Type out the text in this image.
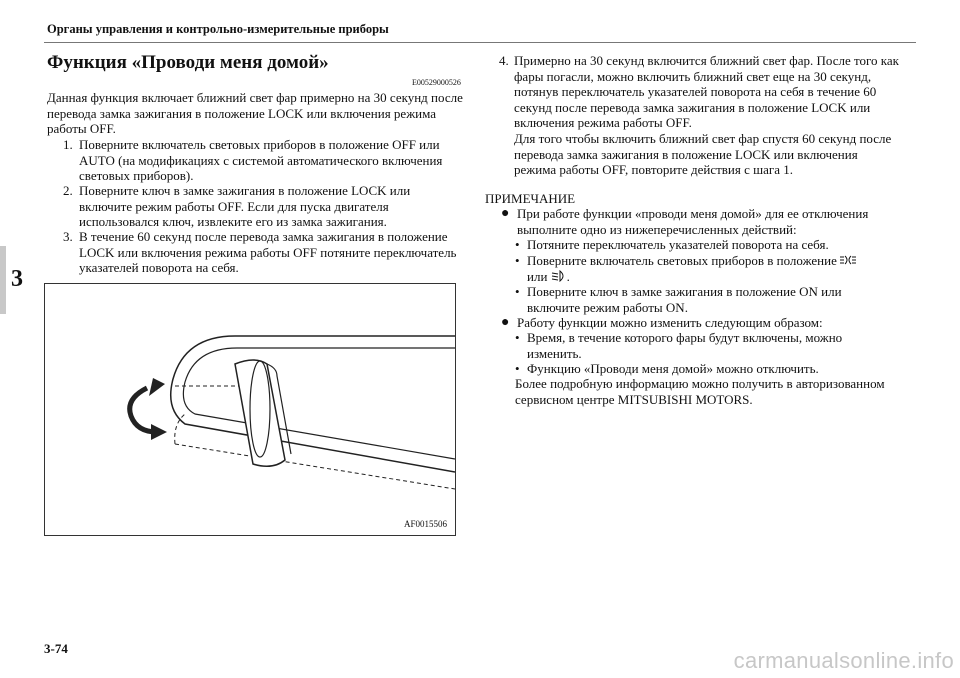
3
Органы управления и контрольно-измерительные приборы
Функция «Проводи меня домой»
E00529000526
Данная функция включает ближний свет фар примерно на 30 секунд после перевода замка зажигания в положение LOCK или включения режима работы OFF.
1. Поверните включатель световых приборов в положение OFF или AUTO (на модификациях с системой автоматического включения световых приборов).
2. Поверните ключ в замке зажигания в положение LOCK или включите режим работы OFF. Если для пуска двигателя использовался ключ, извлеките его из замка зажигания.
3. В течение 60 секунд после перевода замка зажигания в положение LOCK или включения режима работы OFF потяните переключатель указателей поворота на себя.
AF0015506
4. Примерно на 30 секунд включится ближний свет фар. После того как фары погасли, можно включить ближний свет еще на 30 секунд, потянув переключатель указателей поворота на себя в течение 60 секунд после перевода замка зажигания в положение LOCK или включения режима работы OFF.
Для того чтобы включить ближний свет фар спустя 60 секунд после перевода замка зажигания в положение LOCK или включения режима работы OFF, повторите действия с шага 1.
ПРИМЕЧАНИЕ
● При работе функции «проводи меня домой» для ее отключения выполните одно из нижеперечисленных действий:
• Потяните переключатель указателей поворота на себя.
• Поверните включатель световых приборов в положение
или .
• Поверните ключ в замке зажигания в положение ON или включите режим работы ON.
● Работу функции можно изменить следующим образом:
• Время, в течение которого фары будут включены, можно изменить.
• Функцию «Проводи меня домой» можно отключить.
Более подробную информацию можно получить в авторизованном сервисном центре MITSUBISHI MOTORS.
3-74	carmanualsonline.info
